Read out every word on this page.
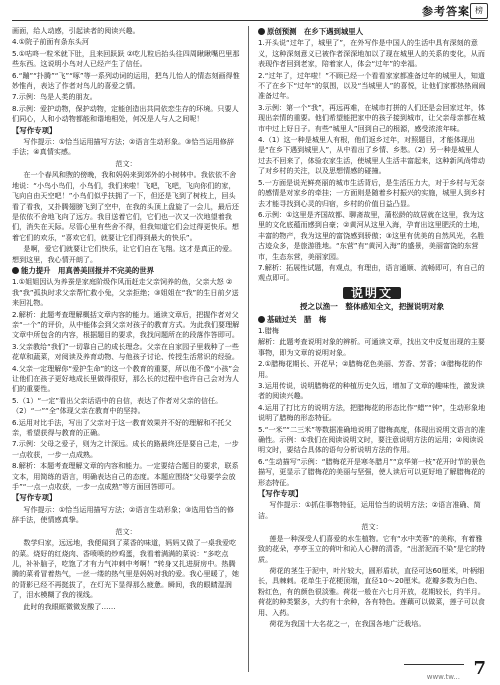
参考答案 榜

画面，给人动感，引起读者的阅读兴趣。

4.①院子前面有条东头河

5.①咕咚一粒米就下肚，且来回跃跃 ②吃儿粒后抬头往四周瞅瞅嘴巴里那些东西。这说明小鸟对人已经产生了信任。

6.“蹦”“扑腾”“飞”“啄”等一系列动词的运用，把鸟儿怡人的情态刻画得惟妙惟肖，表达了作者对鸟儿的喜爱之情。

7.示例：鸟是人类的朋友。

8.示例：爱护动物，保护动物，定能创造出共同依恋生存的环境。只要人们同心，人和小动物都能和谐地相处，何况是人与人之间呢！

【写作专项】

写作提示：①恰当运用描写方法；②语言生动形象。③恰当运用修辞手法；④真情实感。

范文：

在一个春风和煦的傍晚，我和妈妈来到郊外的小树林中。我依依不舍地说：“小鸟小鸟们，小鸟们，我们来啦！飞吧，飞吧，飞向你们的家，飞向自由天空吧！”小鸟们似乎扶拥了一下，但还是飞到了树枝上，回头看了看我，又扑腾翅膀飞到了空中，在我的头顶上盘旋了一会儿，最后还是依依不舍地飞向了远方。我目送着它们，它们也一次又一次地望着我们，消失在天际。尽管心里有些舍不得，但我知道它们会过得更快乐。想着它们的欢乐，“喜欢它们，就要让它们得到最大的快乐”。

是啊，爱它们就要让它们快乐，让它们自在飞翔。这才是真正的爱。想到这里，我心情开朗了。

能力提升　用真善美回报并不完美的世界

1.①姐姐因认为养蚕是家庭阶级作风而赶走父亲饲养的鱼，父亲大怒 ②我“我”孤执时求父亲帮忙救小兔，父亲拒绝；③姐姐在“我”的生日前夕送来回礼物。

2.解析：此题考查理解概括文章内容的能力。通读文章后，把握作者对父亲“一个”的评价，从中能体会到父亲对孩子的教育方式。为此我们要理解文章中所包含的内容，根据题目的要求，我找问题所在的段落作答即可。

3.父亲教给“我们”一切靠自己的成长理念。父亲在自家园子里栽种了一些花草和蔬菜，对阅读及养育动物、与他孩子讨论、传授生活常识的经验。

4.父亲一定理解你“爱护生命”的这一个教育的重要，所以他不像“小孩”会让他们在孩子更好地成长里做得很好，那么长的过程中也许自己会对为人们的重要性。

5.（1）“一定”看出父亲话语中的自信，表达了作者对父亲的信任。（2）“一”“全”体现父亲在教育中的坚持。

6.运用对比手法，写出了父亲对于这一教育效果并不好的理解和不托父亲，希望获得与教育的正确。

7.示例：父母之爱子，则为之计深远。成长的路最终还是要自己走，一步一点收获，一步一点成熟。

8.解析：本题考查理解文章的内容和能力。一定要结合题目的要求，联系文本，用简练的语言，明确表达自己的态度。本题应围绕“父母要学会放手”“一点一点收获，一步一点成熟”等方面回答即可。

【写作专项】

写作提示：①恰当运用描写方法；②语言生动形象；③选用恰当的修辞手法，使情感真挚。

范文：

数学归家，远远地，我便闻到了菜香的味道，妈妈又做了一桌我爱吃的菜。烧好的红烧肉、香喷喷的炒鸡蛋，我看着满满的菜说：“多吃点儿，补补脑子，吃饱了才有力气冲刺中考啊！”转身又扎进厨房中。热腾腾的菜肴冒着热气，一丝一缕的热气里是妈妈对我的爱。我心里暖了，她的背影已经不再挺拔了，在灯光下显得那么疲惫。瞬间，我的眼睛湿润了，泪水模糊了我的视线。

此时的我眼眶微微发酸了……

原创预测　在乡下遇到城里人

1.开头说“过年了，城里了”，在外写作是中国人的生活中具有深刻的意义，这种深刻意义已被作者深深地加以了现在城里人的关系的变化，从而表现作者回到老家，陪着家人，体会“过年”的幸福。

2.“过年了，过年啦！”不顾已经一个看看家家都准备过年的城里人，知道不了在乡下“过年”的氛围，以及“当城里人”的喜悦，让他们家都热热闹闹准备过年。

3.示例：第一个“我”，再远再难，在城市打拼的人们还是会回家过年，体现出亲情的重要。他们希望能把家中的孩子接到城市，让父亲母亲都在城市中过上好日子。有些“城里人”回到自己的根源，感受浓浓年味。

4.（1）这一种是城里人有根，他们返乡过年，对照题目，才能体现出是“在乡下遇到城里人”，从中看出了乡情、乡愁。（2）另一种是城里人过去不回来了，体验农家生活，使城里人生活丰富起来，这种新风尚带动了对乡村的关注，以及思想情感的碰撞。

5.一方面是说光鲜亮丽的城市生活背后，是生活压力大，对于乡村与无奈的感情是对家乡的牵挂；一方面则是随着乡村振兴的实施，城里人到乡村去才能寻找到心灵的归宿，乡村的价值日益凸显。

6.示例：①这里是齐国故都、聊斋故里，蒲松龄的故居就在这里，我为这里的文化底蕴而感到自豪；②黄河从这里入海，孕育出这里肥沃的土地，丰富的物产，我为这里的富饶感到骄傲；③这里有优美的自然风光，名胜古迹众多，是旅游胜地。“东营”有“黄河入海”的盛景，美丽富饶的东营市，生态东营，美丽家园。

7.解析：拓展性试题，有观点，有理由，语言通顺、流畅即可，有自己的观点即可。

说明文
授之以渔一　整体感知全文，把握说明对象
基础过关　腊　梅

1.腊梅

解析：此题考查说明对象的辨析。可通读文章，找出文中反复出现的主要事物，即为文章的说明对象。

2.①腊梅花期长、开花早；②腊梅花色美丽、芳香、芳香；③腊梅花的作用。

3.运用传说，说明腊梅花的种植历史久远，增加了文章的趣味性，激发读者的阅读兴趣。

4.运用了打比方的说明方法，把腊梅花的形态比作“蜡”“钟”，生动形象地说明了腊梅的形态特征。

5.“一米”“二三米”等数据准确地说明了腊梅高度，体现出说明文语言的准确性。示例：①我们在阅读说明文时，要注意说明方法的运用；②阅读说明文时，要结合具体的语句分析说明方法的作用。

6.“生动描写”示例：“腊梅花开是寒冬腊月”“京华第一枝”花开时节的景色描写，更显示了腊梅花的美丽与坚强，使人读后可以更好地了解腊梅花的形态特征。

【写作专项】

写作提示：①抓住事物特征，运用恰当的说明方法；②语言准确、简洁。

范文：

莲是一种深受人们喜爱的水生植物。它有“水中芙蓉”的美称，有着雅致的花朵，亭亭玉立的荷叶和沁人心脾的清香，“出淤泥而不染”是它的特质。

荷花的茎生于泥中，叶片较大，圆形盾状，直径可达60厘米，叶柄细长，具棘刺。花单生于花梗顶端，直径10～20厘米。花瓣多数为白色、粉红色，有的颜色很淡雅。荷花一般在六七月开放，花期较长，约半月。荷花的种类繁多，大约有十余种，各有特色。莲藕可以做菜，莲子可以食用、入药。

荷花为我国十大名花之一，在我国各地广泛栽培。

www.tw... 7
